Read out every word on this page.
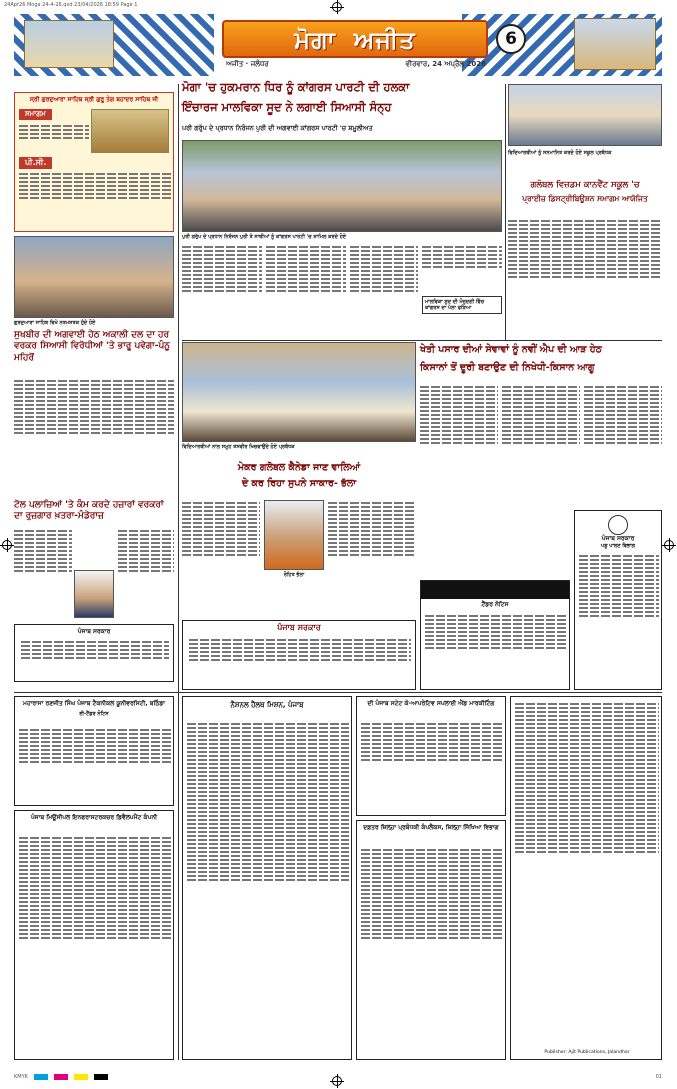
24Apr26 Moga 24-4-26.qxd 23/04/2026 18:59 Page 1
ਮੋਗਾ ਅਜੀਤ
ਅਜੀਤ · ਜਲੰਧਰ	ਵੀਰਵਾਰ, 24 ਅਪ੍ਰੈਲ 2026
6
ਸ੍ਰੀ ਗੁਰਦੁਆਰਾ ਸਾਹਿਬ ਸ੍ਰੀ ਗੁਰੂ ਤੇਗ ਬਹਾਦਰ ਸਾਹਿਬ ਜੀ
ਸਮਾਗਮ
ਪੀ.ਸੀ.
ਗੁਰਦੁਆਰਾ ਸਾਹਿਬ ਵਿਖੇ ਨਤਮਸਤਕ ਹੁੰਦੇ ਹੋਏ
ਸੁਖਬੀਰ ਦੀ ਅਗਵਾਈ ਹੇਠ ਅਕਾਲੀ ਦਲ ਦਾ ਹਰ ਵਰਕਰ ਸਿਆਸੀ ਵਿਰੋਧੀਆਂ 'ਤੇ ਭਾਰੂ ਪਵੇਗਾ-ਪੰਨੂ ਮਹਿਰੋਂ
ਟੋਲ ਪਲਾਜ਼ਿਆਂ 'ਤੇ ਕੰਮ ਕਰਦੇ ਹਜ਼ਾਰਾਂ ਵਰਕਰਾਂ ਦਾ ਰੁਜ਼ਗਾਰ ਖ਼ਤਰਾ-ਮੰਡੇਰਾਜ਼
ਪੰਜਾਬ ਸਰਕਾਰ
ਮੋਗਾ 'ਚ ਹੁਕਮਰਾਨ ਧਿਰ ਨੂੰ ਕਾਂਗਰਸ ਪਾਰਟੀ ਦੀ ਹਲਕਾ
ਇੰਚਾਰਜ ਮਾਲਵਿਕਾ ਸੂਦ ਨੇ ਲਗਾਈ ਸਿਆਸੀ ਸੰਨ੍ਹ
ਪਰੀ ਗਰੁੱਪ ਦੇ ਪ੍ਰਧਾਨ ਨਿਰੰਜਨ ਪੁਰੀ ਦੀ ਅਗਵਾਈ ਕਾਂਗਰਸ ਪਾਰਟੀ 'ਚ ਸ਼ਮੂਲੀਅਤ
ਪੁਰੀ ਗਰੁੱਪ ਦੇ ਪ੍ਰਧਾਨ ਨਿਰੰਜਨ ਪੁਰੀ ਤੇ ਸਾਥੀਆਂ ਨੂੰ ਕਾਂਗਰਸ ਪਾਰਟੀ 'ਚ ਸ਼ਾਮਿਲ ਕਰਦੇ ਹੋਏ
ਮਾਲਵਿਕਾ ਸੂਦ ਦੀ ਮੌਜੂਦਗੀ ਵਿੱਚ ਕਾਂਗਰਸ ਦਾ ਪੱਲਾ ਫੜਿਆ
ਵਿਦਿਆਰਥੀਆਂ ਨੂੰ ਸਨਮਾਨਿਤ ਕਰਦੇ ਹੋਏ ਸਕੂਲ ਪ੍ਰਬੰਧਕ
ਗਲੋਬਲ ਵਿਜ਼ਡਮ ਕਾਨਵੈਂਟ ਸਕੂਲ 'ਚ
ਪ੍ਰਾਈਜ਼ ਡਿਸਟ੍ਰੀਬਿਊਸ਼ਨ ਸਮਾਗਮ ਆਯੋਜਿਤ
ਵਿਦਿਆਰਥੀਆਂ ਨਾਲ ਸਮੂਹ ਤਸਵੀਰ ਖਿਚਵਾਉਂਦੇ ਹੋਏ ਪ੍ਰਬੰਧਕ
ਮੇਕਰ ਗਲੋਬਲ ਕੈਨੇਡਾ ਜਾਣ ਵਾਲਿਆਂ
ਦੇ ਕਰ ਰਿਹਾ ਸੁਪਨੇ ਸਾਕਾਰ- ਭੱਲਾ
ਰੋਹਿਤ ਭੱਲਾ
ਖੇਤੀ ਪਸਾਰ ਦੀਆਂ ਸੇਵਾਵਾਂ ਨੂੰ ਨਵੀਂ ਐਪ ਦੀ ਆੜ ਹੇਠ
ਕਿਸਾਨਾਂ ਤੋਂ ਦੂਰੀ ਬਣਾਉਣ ਦੀ ਨਿਖੇਧੀ-ਕਿਸਾਨ ਆਗੂ
ਪੰਜਾਬ ਸਰਕਾਰ
ਟੈਂਡਰ ਨੋਟਿਸ
ਪੰਜਾਬ ਸਰਕਾਰ
ਪਸ਼ੂ ਪਾਲਣ ਵਿਭਾਗ
ਮਹਾਰਾਜਾ ਰਣਜੀਤ ਸਿੰਘ ਪੰਜਾਬ ਟੈਕਨੀਕਲ ਯੂਨੀਵਰਸਿਟੀ, ਬਠਿੰਡਾ
ਈ-ਟੈਂਡਰ ਨੋਟਿਸ
ਪੰਜਾਬ ਮਿਊਂਸੀਪਲ ਇਨਫਰਾਸਟਰਕਚਰ ਡਿਵੈਲਪਮੈਂਟ ਕੰਪਨੀ
ਨੈਸ਼ਨਲ ਹੈਲਥ ਮਿਸ਼ਨ, ਪੰਜਾਬ	ਦੀ ਪੰਜਾਬ ਸਟੇਟ ਕੋ-ਆਪਰੇਟਿਵ ਸਪਲਾਈ ਐਂਡ ਮਾਰਕੀਟਿੰਗ
ਦਫ਼ਤਰ ਜ਼ਿਲ੍ਹਾ ਪ੍ਰਬੰਧਕੀ ਕੰਪਲੈਕਸ, ਜ਼ਿਲ੍ਹਾ ਸਿੱਖਿਆ ਵਿਭਾਗ
Publisher: Ajit Publications, Jalandhar
KMYK	01
